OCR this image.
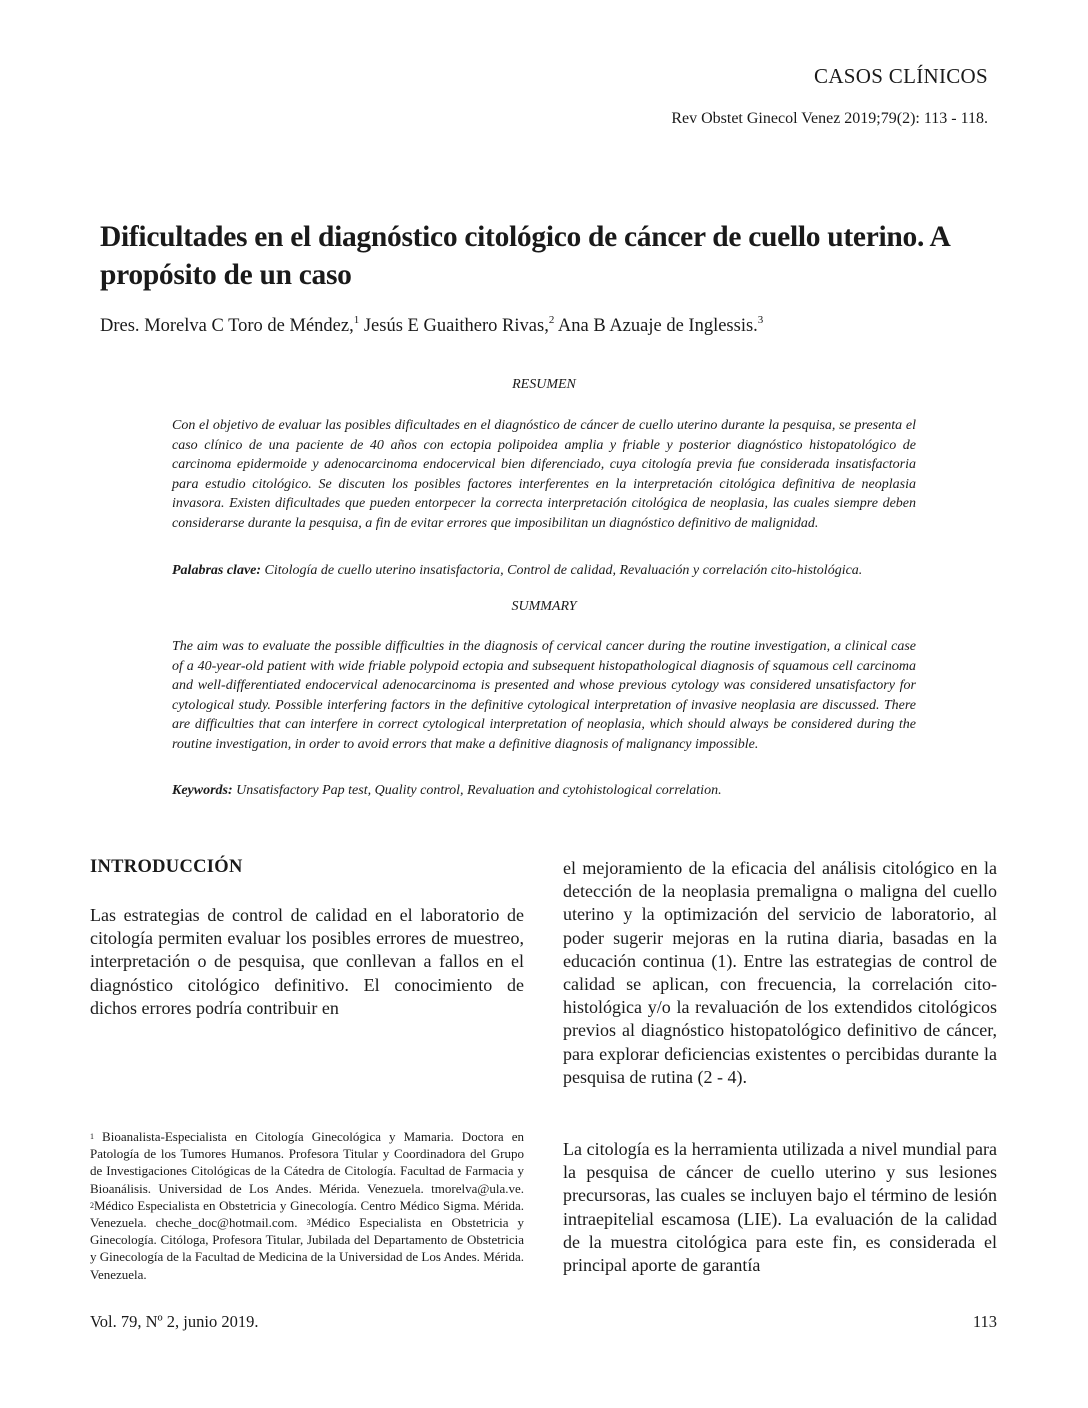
CASOS CLÍNICOS
Rev Obstet Ginecol Venez 2019;79(2): 113 - 118.
Dificultades en el diagnóstico citológico de cáncer de cuello uterino. A propósito de un caso
Dres. Morelva C Toro de Méndez,$^1$ Jesús E Guaithero Rivas,$^2$ Ana B Azuaje de Inglessis.$^3$
RESUMEN
Con el objetivo de evaluar las posibles dificultades en el diagnóstico de cáncer de cuello uterino durante la pesquisa, se presenta el caso clínico de una paciente de 40 años con ectopia polipoidea amplia y friable y posterior diagnóstico histopatológico de carcinoma epidermoide y adenocarcinoma endocervical bien diferenciado, cuya citología previa fue considerada insatisfactoria para estudio citológico. Se discuten los posibles factores interferentes en la interpretación citológica definitiva de neoplasia invasora. Existen dificultades que pueden entorpecer la correcta interpretación citológica de neoplasia, las cuales siempre deben considerarse durante la pesquisa, a fin de evitar errores que imposibilitan un diagnóstico definitivo de malignidad.
Palabras clave: Citología de cuello uterino insatisfactoria, Control de calidad, Revaluación y correlación cito-histológica.
SUMMARY
The aim was to evaluate the possible difficulties in the diagnosis of cervical cancer during the routine investigation, a clinical case of a 40-year-old patient with wide friable polypoid ectopia and subsequent histopathological diagnosis of squamous cell carcinoma and well-differentiated endocervical adenocarcinoma is presented and whose previous cytology was considered unsatisfactory for cytological study. Possible interfering factors in the definitive cytological interpretation of invasive neoplasia are discussed. There are difficulties that can interfere in correct cytological interpretation of neoplasia, which should always be considered during the routine investigation, in order to avoid errors that make a definitive diagnosis of malignancy impossible.
Keywords: Unsatisfactory Pap test, Quality control, Revaluation and cytohistological correlation.
INTRODUCCIÓN
Las estrategias de control de calidad en el laboratorio de citología permiten evaluar los posibles errores de muestreo, interpretación o de pesquisa, que conllevan a fallos en el diagnóstico citológico definitivo. El conocimiento de dichos errores podría contribuir en
el mejoramiento de la eficacia del análisis citológico en la detección de la neoplasia premaligna o maligna del cuello uterino y la optimización del servicio de laboratorio, al poder sugerir mejoras en la rutina diaria, basadas en la educación continua (1). Entre las estrategias de control de calidad se aplican, con frecuencia, la correlación cito-histológica y/o la revaluación de los extendidos citológicos previos al diagnóstico histopatológico definitivo de cáncer, para explorar deficiencias existentes o percibidas durante la pesquisa de rutina (2 - 4).
La citología es la herramienta utilizada a nivel mundial para la pesquisa de cáncer de cuello uterino y sus lesiones precursoras, las cuales se incluyen bajo el término de lesión intraepitelial escamosa (LIE). La evaluación de la calidad de la muestra citológica para este fin, es considerada el principal aporte de garantía
$^1$ Bioanalista-Especialista en Citología Ginecológica y Mamaria. Doctora en Patología de los Tumores Humanos. Profesora Titular y Coordinadora del Grupo de Investigaciones Citológicas de la Cátedra de Citología. Facultad de Farmacia y Bioanálisis. Universidad de Los Andes. Mérida. Venezuela. tmorelva@ula.ve. $^2$Médico Especialista en Obstetricia y Ginecología. Centro Médico Sigma. Mérida. Venezuela. cheche_doc@hotmail.com. $^3$Médico Especialista en Obstetricia y Ginecología. Citóloga, Profesora Titular, Jubilada del Departamento de Obstetricia y Ginecología de la Facultad de Medicina de la Universidad de Los Andes. Mérida. Venezuela.
Vol. 79, Nº 2, junio 2019.	113
